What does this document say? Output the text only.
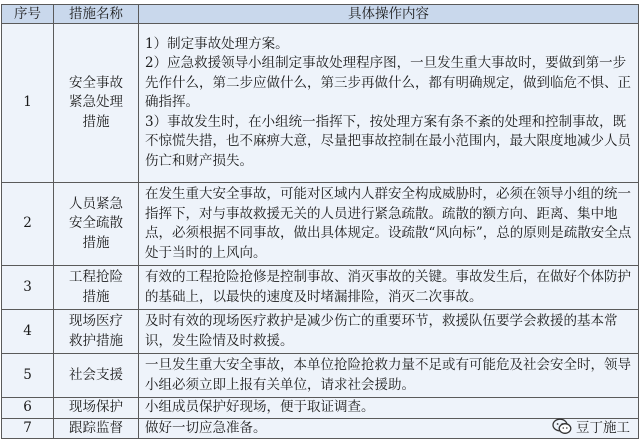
序号	措施名称	具体操作内容
1	安全事故紧急处理措施	1）制定事故处理方案。

2）应急救援领导小组制定事故处理程序图，一旦发生重大事故时，要做到第一步先作什么，第二步应做什么，第三步再做什么，都有明确规定，做到临危不惧、正确指挥。

3）事故发生时，在小组统一指挥下，按处理方案有条不紊的处理和控制事故，既不惊慌失措，也不麻痹大意，尽量把事故控制在最小范围内，最大限度地减少人员伤亡和财产损失。

2	人员紧急安全疏散措施	在发生重大安全事故，可能对区域内人群安全构成威胁时，必须在领导小组的统一指挥下，对与事故救援无关的人员进行紧急疏散。疏散的额方向、距离、集中地点，必须根据不同事故，做出具体规定。设疏散“风向标”，总的原则是疏散安全点处于当时的上风向。

3	工程抢险措施	有效的工程抢险抢修是控制事故、消灭事故的关键。事故发生后，在做好个体防护的基础上，以最快的速度及时堵漏排险，消灭二次事故。

4	现场医疗救护措施	及时有效的现场医疗救护是减少伤亡的重要环节，救援队伍要学会救援的基本常识，发生险情及时救援。

5	社会支援	一旦发生重大安全事故，本单位抢险抢救力量不足或有可能危及社会安全时，领导小组必须立即上报有关单位，请求社会援助。

6	现场保护	小组成员保护好现场，便于取证调查。

7	跟踪监督	做好一切应急准备。	豆丁施工
